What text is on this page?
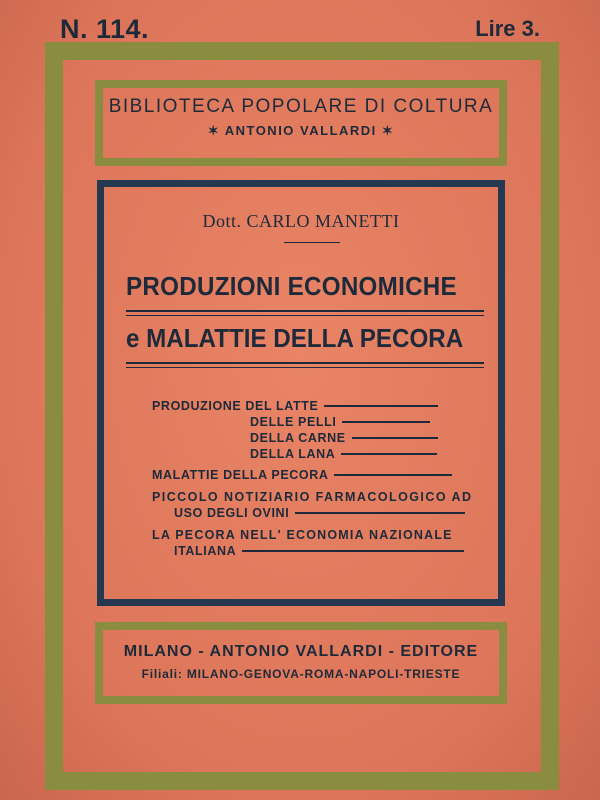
N. 114.	Lire 3.
BIBLIOTECA POPOLARE DI COLTURA
✶ ANTONIO VALLARDI ✶
Dott. CARLO MANETTI
PRODUZIONI ECONOMICHE
e MALATTIE DELLA PECORA
PRODUZIONE DEL LATTE
DELLE PELLI
DELLA CARNE
DELLA LANA
MALATTIE DELLA PECORA
PICCOLO NOTIZIARIO FARMACOLOGICO AD
USO DEGLI OVINI
LA PECORA NELL' ECONOMIA NAZIONALE
ITALIANA
MILANO - ANTONIO VALLARDI - EDITORE
Filiali: MILANO-GENOVA-ROMA-NAPOLI-TRIESTE
